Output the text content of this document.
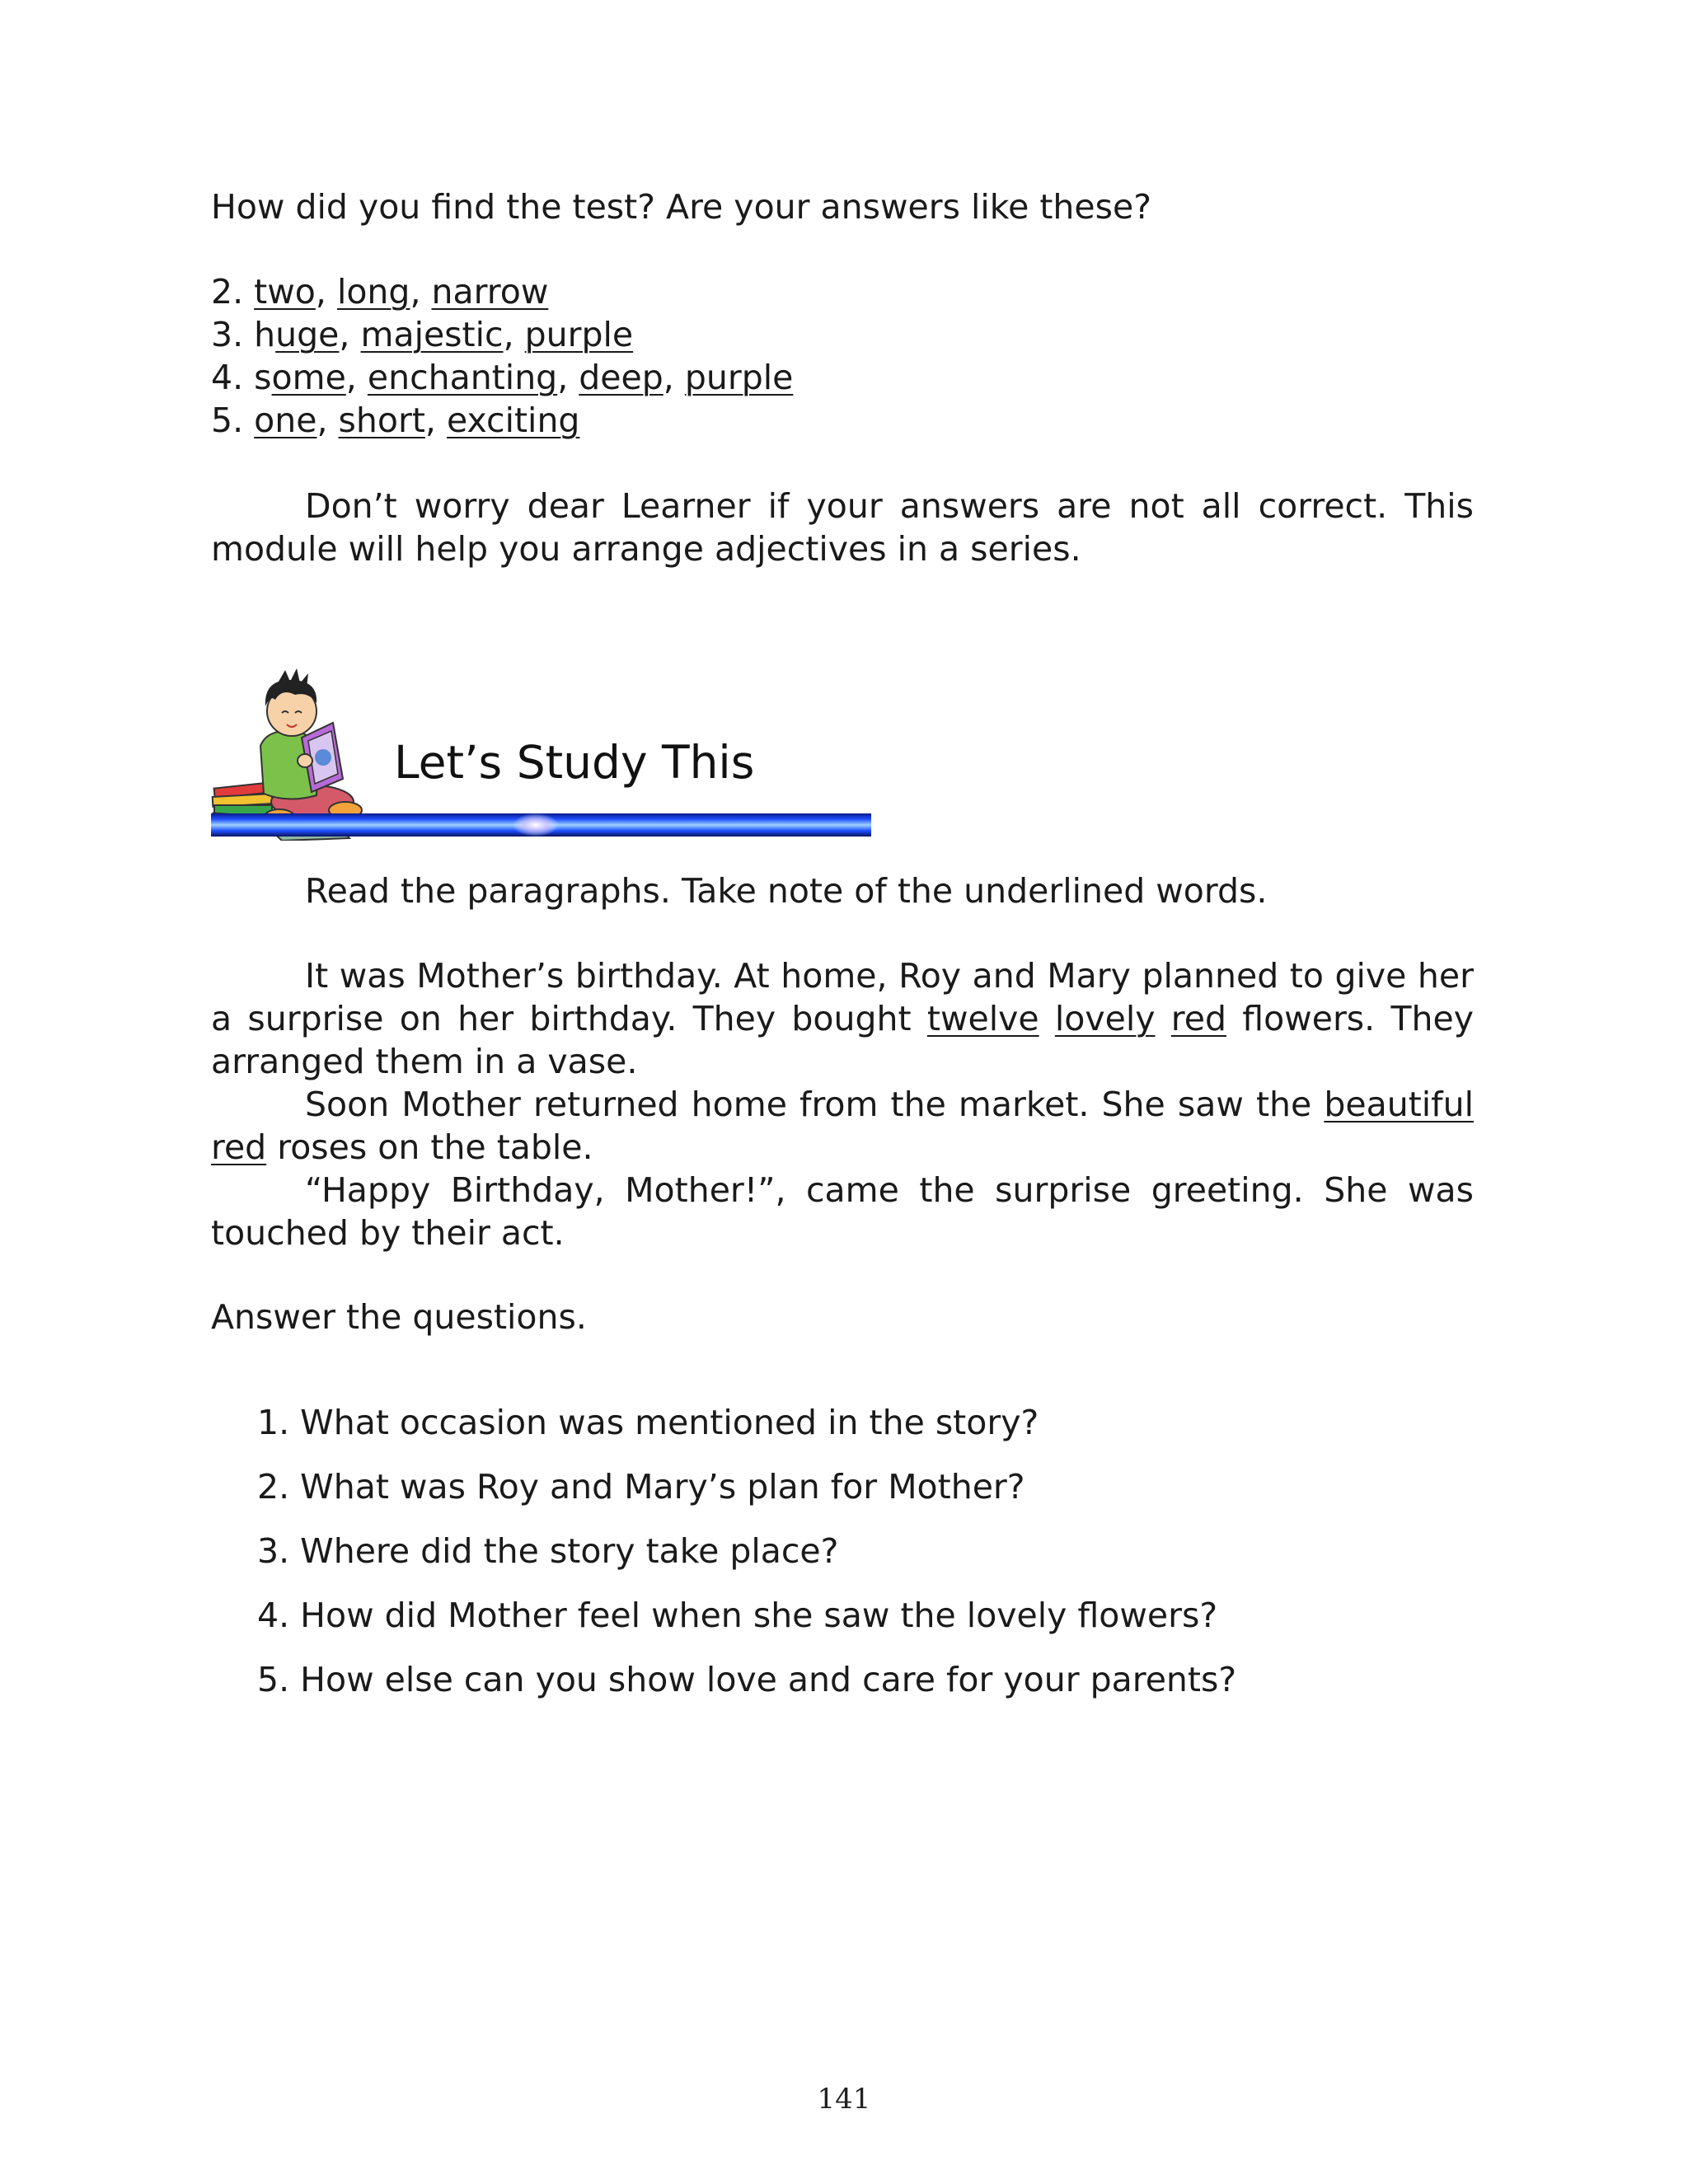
How did you find the test? Are your answers like these?
2. two, long, narrow
3. huge, majestic, purple
4. some, enchanting, deep, purple
5. one, short, exciting
Don’t worry dear Learner if your answers are not all correct. This module will help you arrange adjectives in a series.
Let’s Study This
Read the paragraphs. Take note of the underlined words.

It was Mother’s birthday. At home, Roy and Mary planned to give her a surprise on her birthday. They bought twelve lovely red flowers. They arranged them in a vase.

Soon Mother returned home from the market. She saw the beautiful red roses on the table.

“Happy Birthday, Mother!”, came the surprise greeting. She was touched by their act.

Answer the questions.
1. What occasion was mentioned in the story?
2. What was Roy and Mary’s plan for Mother?
3. Where did the story take place?
4. How did Mother feel when she saw the lovely flowers?
5. How else can you show love and care for your parents?
141
